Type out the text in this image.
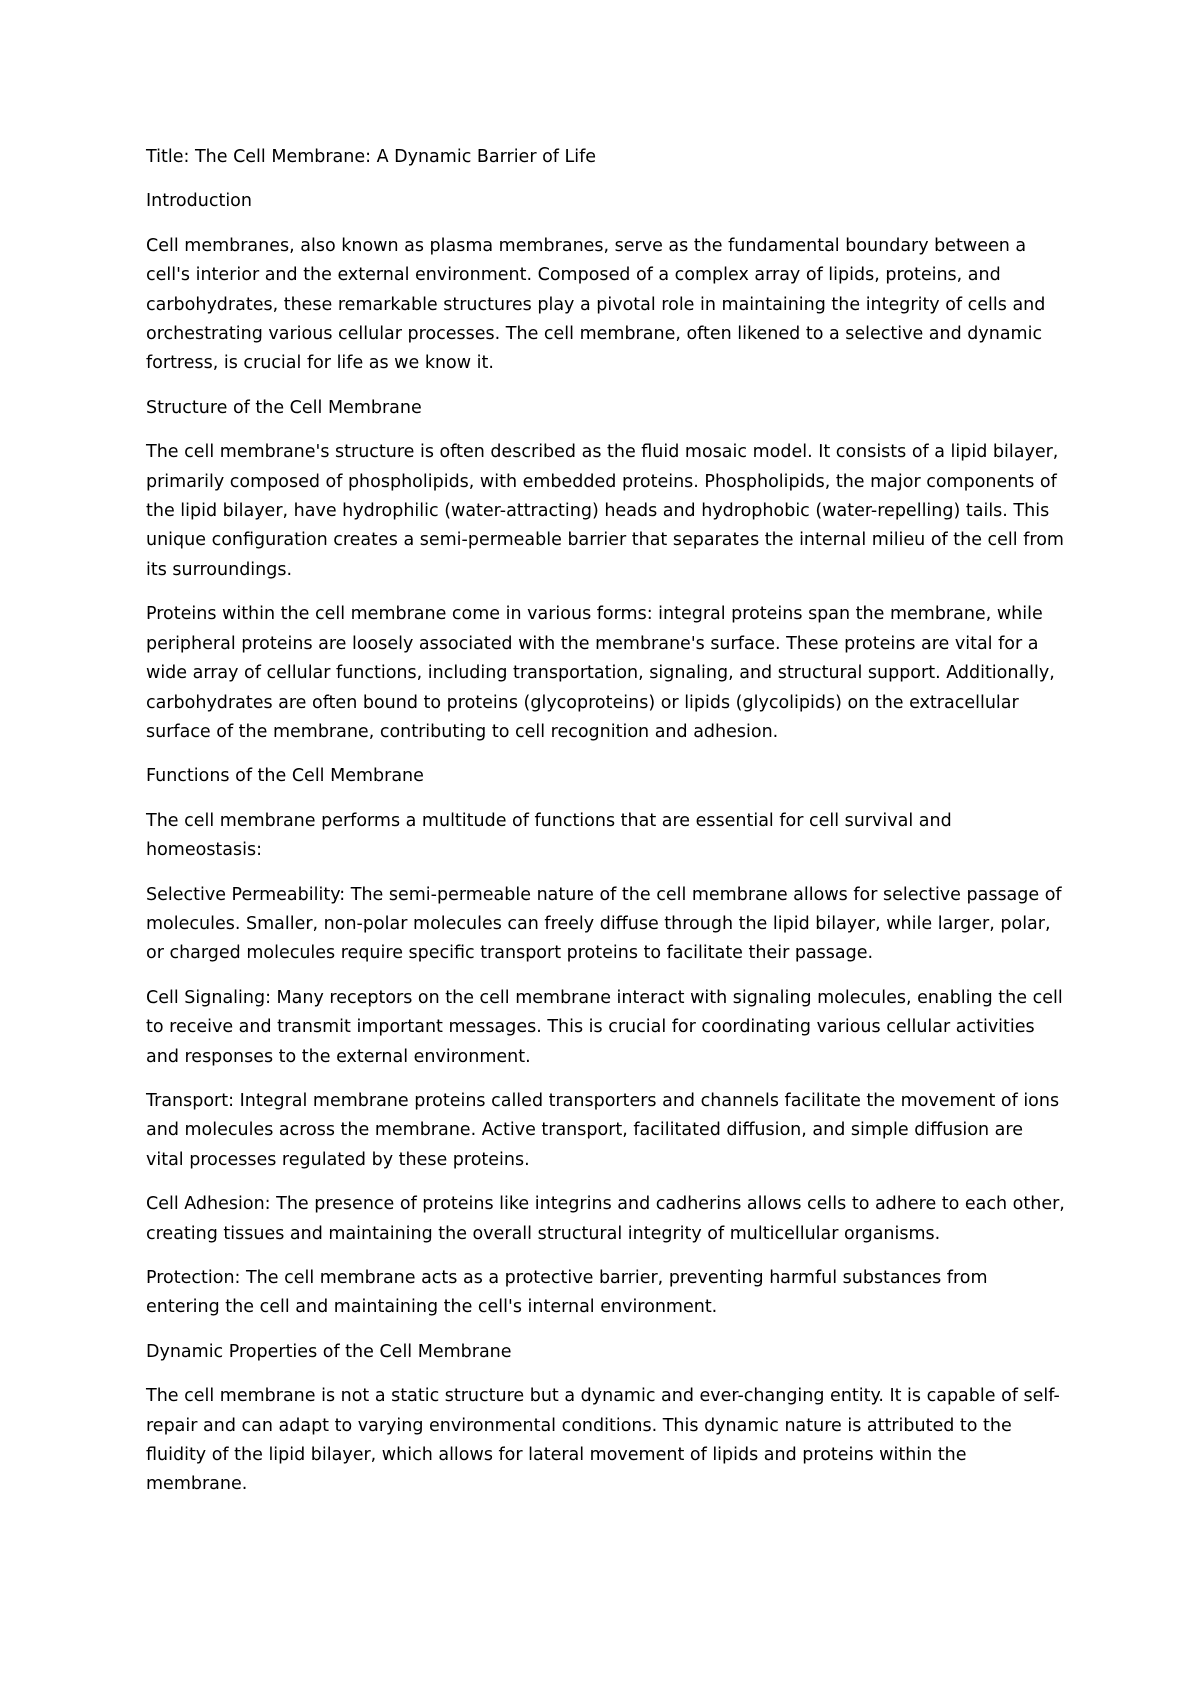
Title: The Cell Membrane: A Dynamic Barrier of Life

Introduction

Cell membranes, also known as plasma membranes, serve as the fundamental boundary between a cell's interior and the external environment. Composed of a complex array of lipids, proteins, and carbohydrates, these remarkable structures play a pivotal role in maintaining the integrity of cells and orchestrating various cellular processes. The cell membrane, often likened to a selective and dynamic fortress, is crucial for life as we know it.

Structure of the Cell Membrane

The cell membrane's structure is often described as the fluid mosaic model. It consists of a lipid bilayer, primarily composed of phospholipids, with embedded proteins. Phospholipids, the major components of the lipid bilayer, have hydrophilic (water-attracting) heads and hydrophobic (water-repelling) tails. This unique configuration creates a semi-permeable barrier that separates the internal milieu of the cell from its surroundings.

Proteins within the cell membrane come in various forms: integral proteins span the membrane, while peripheral proteins are loosely associated with the membrane's surface. These proteins are vital for a wide array of cellular functions, including transportation, signaling, and structural support. Additionally, carbohydrates are often bound to proteins (glycoproteins) or lipids (glycolipids) on the extracellular surface of the membrane, contributing to cell recognition and adhesion.

Functions of the Cell Membrane

The cell membrane performs a multitude of functions that are essential for cell survival and homeostasis:

Selective Permeability: The semi-permeable nature of the cell membrane allows for selective passage of molecules. Smaller, non-polar molecules can freely diffuse through the lipid bilayer, while larger, polar, or charged molecules require specific transport proteins to facilitate their passage.

Cell Signaling: Many receptors on the cell membrane interact with signaling molecules, enabling the cell to receive and transmit important messages. This is crucial for coordinating various cellular activities and responses to the external environment.

Transport: Integral membrane proteins called transporters and channels facilitate the movement of ions and molecules across the membrane. Active transport, facilitated diffusion, and simple diffusion are vital processes regulated by these proteins.

Cell Adhesion: The presence of proteins like integrins and cadherins allows cells to adhere to each other, creating tissues and maintaining the overall structural integrity of multicellular organisms.

Protection: The cell membrane acts as a protective barrier, preventing harmful substances from entering the cell and maintaining the cell's internal environment.

Dynamic Properties of the Cell Membrane

The cell membrane is not a static structure but a dynamic and ever-changing entity. It is capable of self-repair and can adapt to varying environmental conditions. This dynamic nature is attributed to the fluidity of the lipid bilayer, which allows for lateral movement of lipids and proteins within the membrane.
